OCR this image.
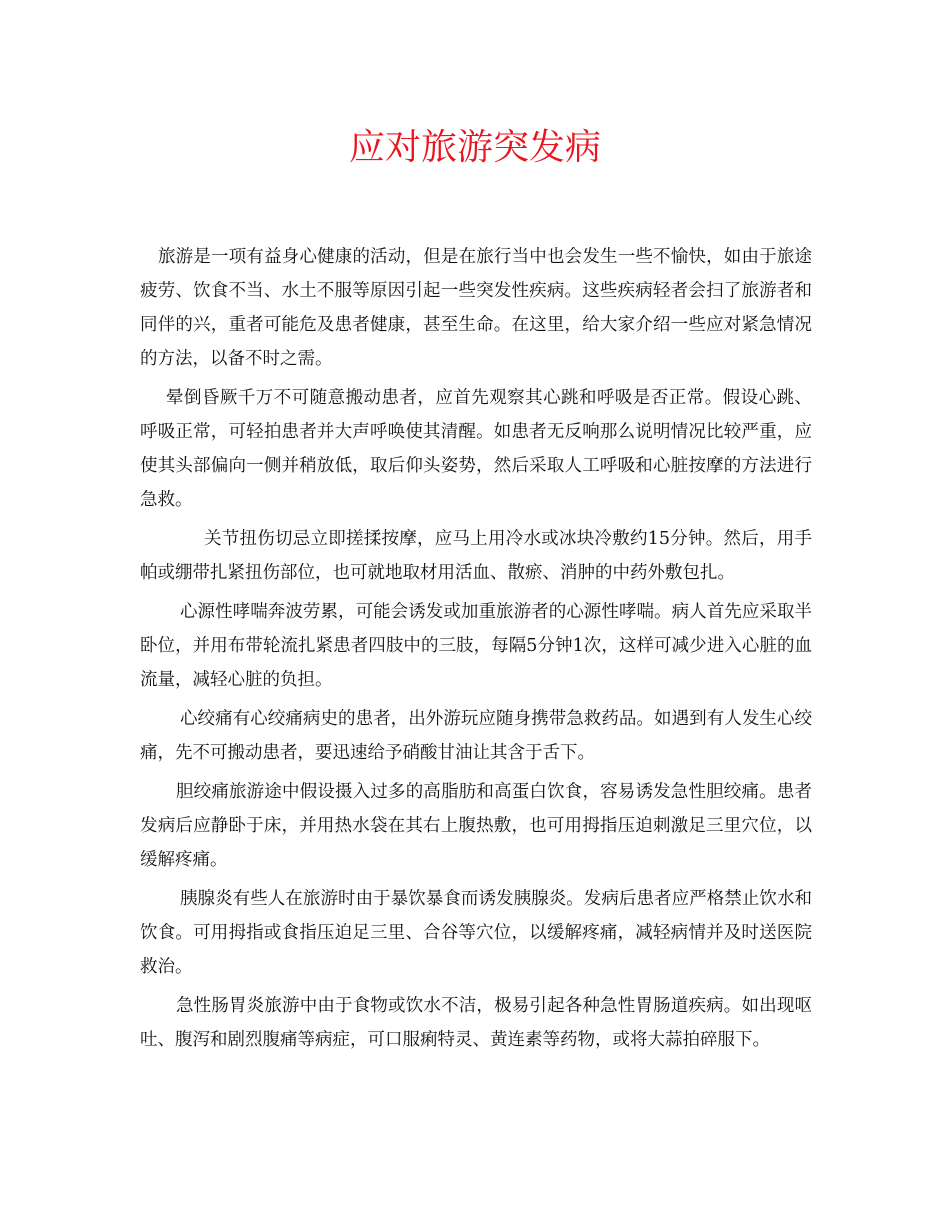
应对旅游突发病

旅游是一项有益身心健康的活动，但是在旅行当中也会发生一些不愉快，如由于旅途疲劳、饮食不当、水土不服等原因引起一些突发性疾病。这些疾病轻者会扫了旅游者和同伴的兴，重者可能危及患者健康，甚至生命。在这里，给大家介绍一些应对紧急情况的方法，以备不时之需。

晕倒昏厥千万不可随意搬动患者，应首先观察其心跳和呼吸是否正常。假设心跳、呼吸正常，可轻拍患者并大声呼唤使其清醒。如患者无反响那么说明情况比较严重，应使其头部偏向一侧并稍放低，取后仰头姿势，然后采取人工呼吸和心脏按摩的方法进行急救。

关节扭伤切忌立即搓揉按摩，应马上用冷水或冰块冷敷约15分钟。然后，用手帕或绷带扎紧扭伤部位，也可就地取材用活血、散瘀、消肿的中药外敷包扎。

心源性哮喘奔波劳累，可能会诱发或加重旅游者的心源性哮喘。病人首先应采取半卧位，并用布带轮流扎紧患者四肢中的三肢，每隔5分钟1次，这样可减少进入心脏的血流量，减轻心脏的负担。

心绞痛有心绞痛病史的患者，出外游玩应随身携带急救药品。如遇到有人发生心绞痛，先不可搬动患者，要迅速给予硝酸甘油让其含于舌下。

胆绞痛旅游途中假设摄入过多的高脂肪和高蛋白饮食，容易诱发急性胆绞痛。患者发病后应静卧于床，并用热水袋在其右上腹热敷，也可用拇指压迫刺激足三里穴位，以缓解疼痛。

胰腺炎有些人在旅游时由于暴饮暴食而诱发胰腺炎。发病后患者应严格禁止饮水和饮食。可用拇指或食指压迫足三里、合谷等穴位，以缓解疼痛，减轻病情并及时送医院救治。

急性肠胃炎旅游中由于食物或饮水不洁，极易引起各种急性胃肠道疾病。如出现呕吐、腹泻和剧烈腹痛等病症，可口服痢特灵、黄连素等药物，或将大蒜拍碎服下。
